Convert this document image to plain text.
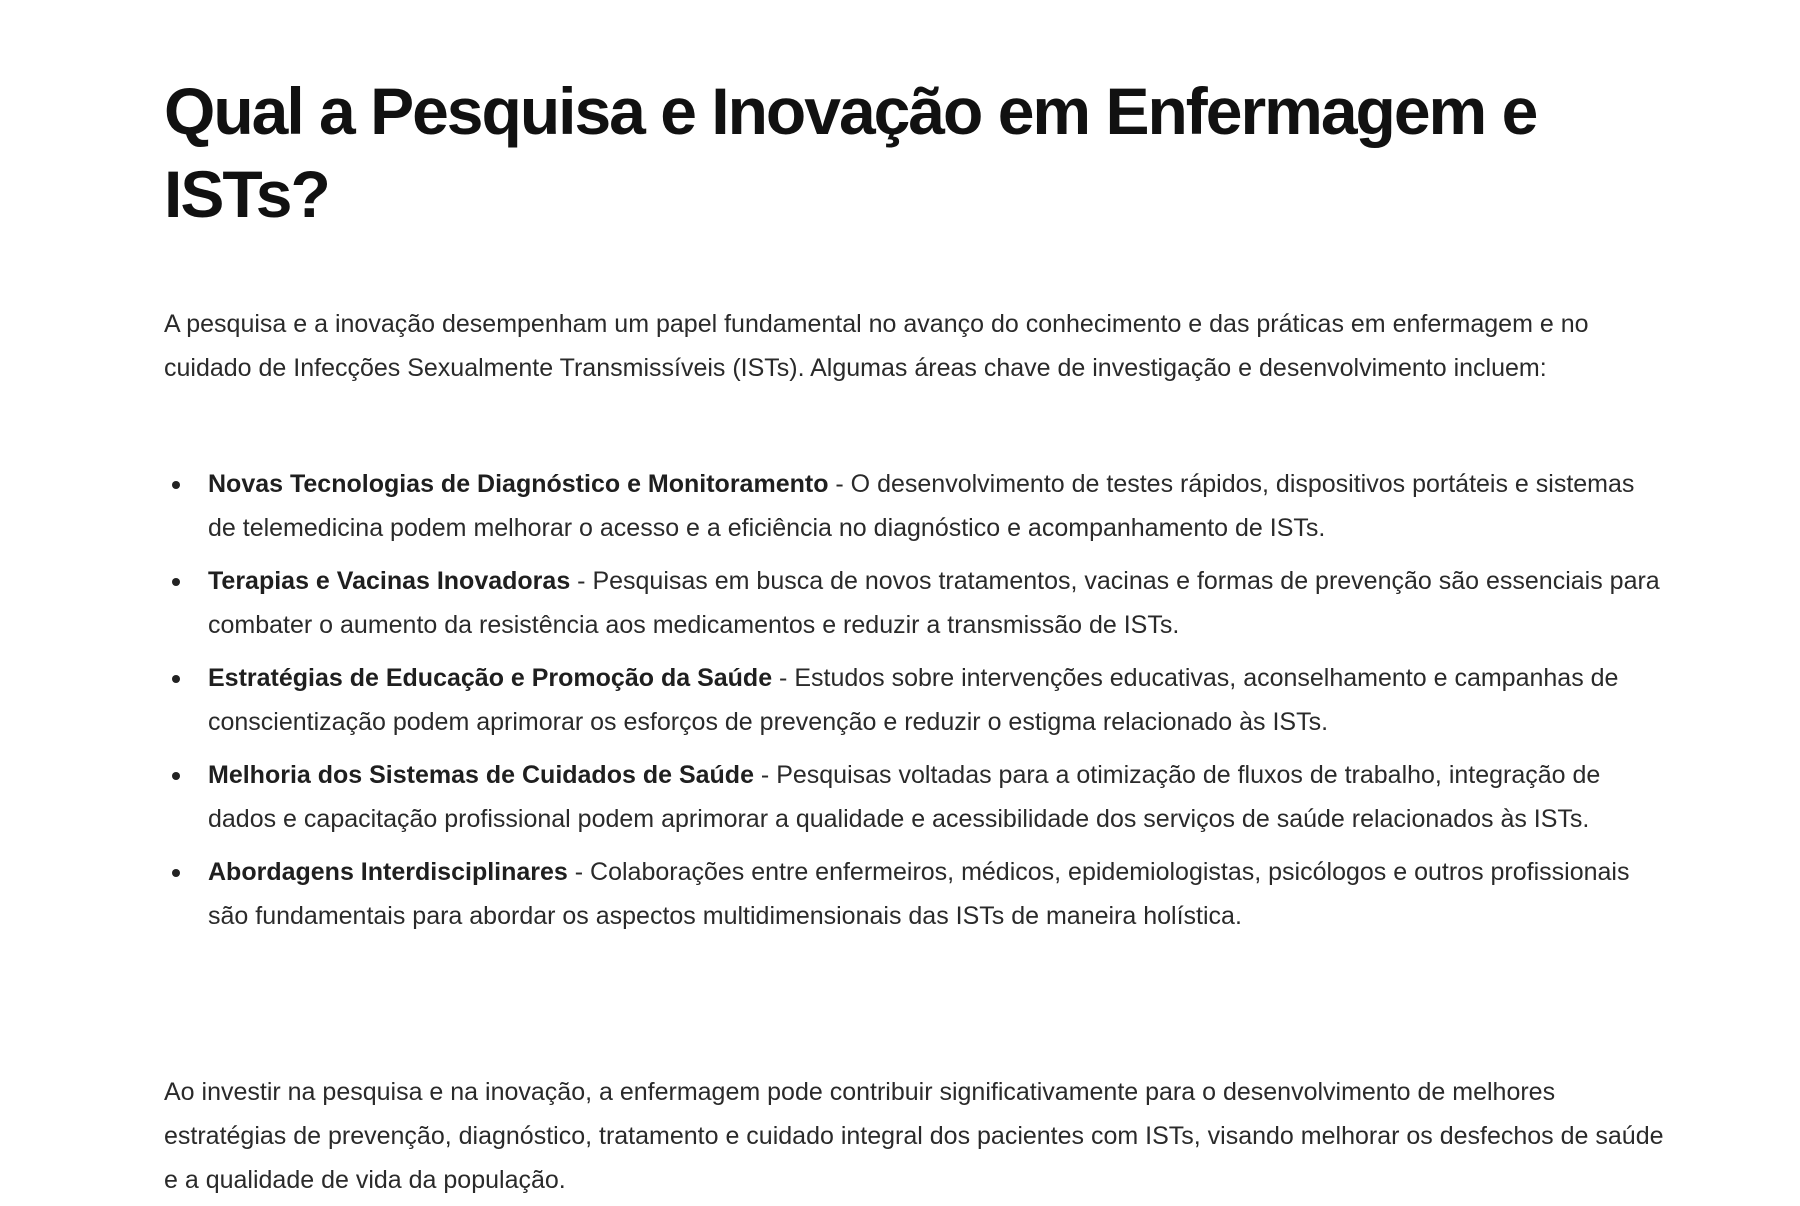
Qual a Pesquisa e Inovação em Enfermagem e ISTs?

A pesquisa e a inovação desempenham um papel fundamental no avanço do conhecimento e das práticas em enfermagem e no cuidado de Infecções Sexualmente Transmissíveis (ISTs). Algumas áreas chave de investigação e desenvolvimento incluem:

Novas Tecnologias de Diagnóstico e Monitoramento - O desenvolvimento de testes rápidos, dispositivos portáteis e sistemas de telemedicina podem melhorar o acesso e a eficiência no diagnóstico e acompanhamento de ISTs.
Terapias e Vacinas Inovadoras - Pesquisas em busca de novos tratamentos, vacinas e formas de prevenção são essenciais para combater o aumento da resistência aos medicamentos e reduzir a transmissão de ISTs.
Estratégias de Educação e Promoção da Saúde - Estudos sobre intervenções educativas, aconselhamento e campanhas de conscientização podem aprimorar os esforços de prevenção e reduzir o estigma relacionado às ISTs.
Melhoria dos Sistemas de Cuidados de Saúde - Pesquisas voltadas para a otimização de fluxos de trabalho, integração de dados e capacitação profissional podem aprimorar a qualidade e acessibilidade dos serviços de saúde relacionados às ISTs.
Abordagens Interdisciplinares - Colaborações entre enfermeiros, médicos, epidemiologistas, psicólogos e outros profissionais são fundamentais para abordar os aspectos multidimensionais das ISTs de maneira holística.

Ao investir na pesquisa e na inovação, a enfermagem pode contribuir significativamente para o desenvolvimento de melhores estratégias de prevenção, diagnóstico, tratamento e cuidado integral dos pacientes com ISTs, visando melhorar os desfechos de saúde e a qualidade de vida da população.
